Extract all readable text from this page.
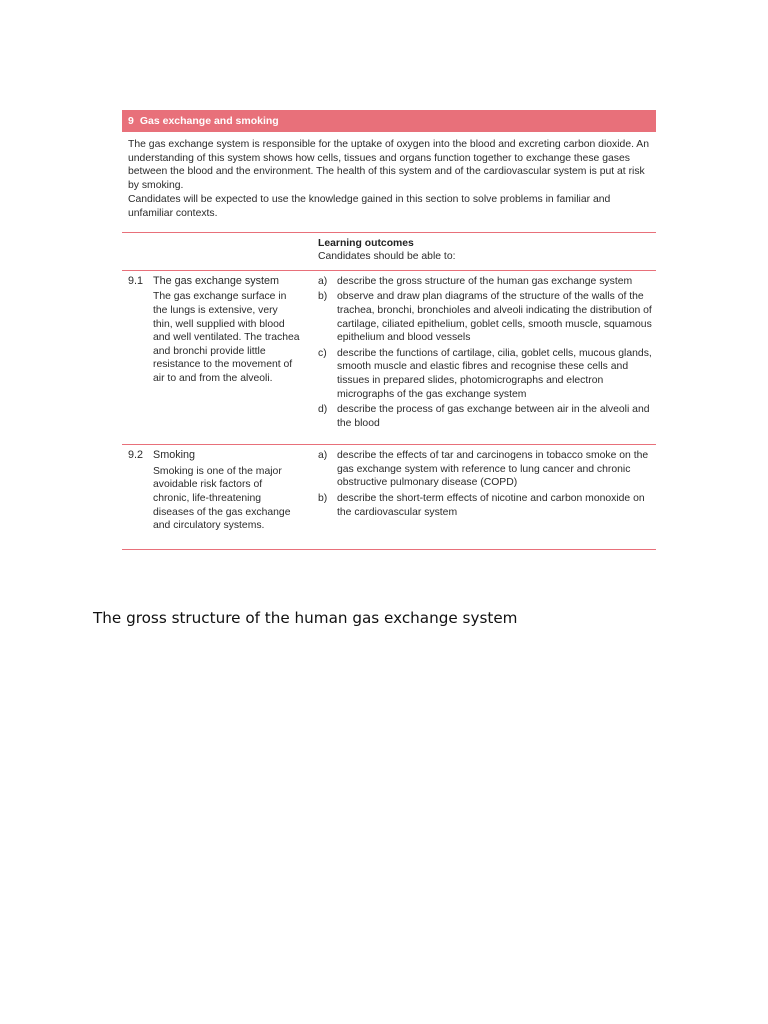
9 Gas exchange and smoking

The gas exchange system is responsible for the uptake of oxygen into the blood and excreting carbon dioxide. An understanding of this system shows how cells, tissues and organs function together to exchange these gases between the blood and the environment. The health of this system and of the cardiovascular system is put at risk by smoking.

Candidates will be expected to use the knowledge gained in this section to solve problems in familiar and unfamiliar contexts.

Learning outcomes
Candidates should be able to:
9.1 The gas exchange system
The gas exchange surface in the lungs is extensive, very thin, well supplied with blood and well ventilated. The trachea and bronchi provide little resistance to the movement of air to and from the alveoli.
a) describe the gross structure of the human gas exchange system
b) observe and draw plan diagrams of the structure of the walls of the trachea, bronchi, bronchioles and alveoli indicating the distribution of cartilage, ciliated epithelium, goblet cells, smooth muscle, squamous epithelium and blood vessels
c) describe the functions of cartilage, cilia, goblet cells, mucous glands, smooth muscle and elastic fibres and recognise these cells and tissues in prepared slides, photomicrographs and electron micrographs of the gas exchange system
d) describe the process of gas exchange between air in the alveoli and the blood
9.2 Smoking
Smoking is one of the major avoidable risk factors of chronic, life-threatening diseases of the gas exchange and circulatory systems.
a) describe the effects of tar and carcinogens in tobacco smoke on the gas exchange system with reference to lung cancer and chronic obstructive pulmonary disease (COPD)
b) describe the short-term effects of nicotine and carbon monoxide on the cardiovascular system
The gross structure of the human gas exchange system
